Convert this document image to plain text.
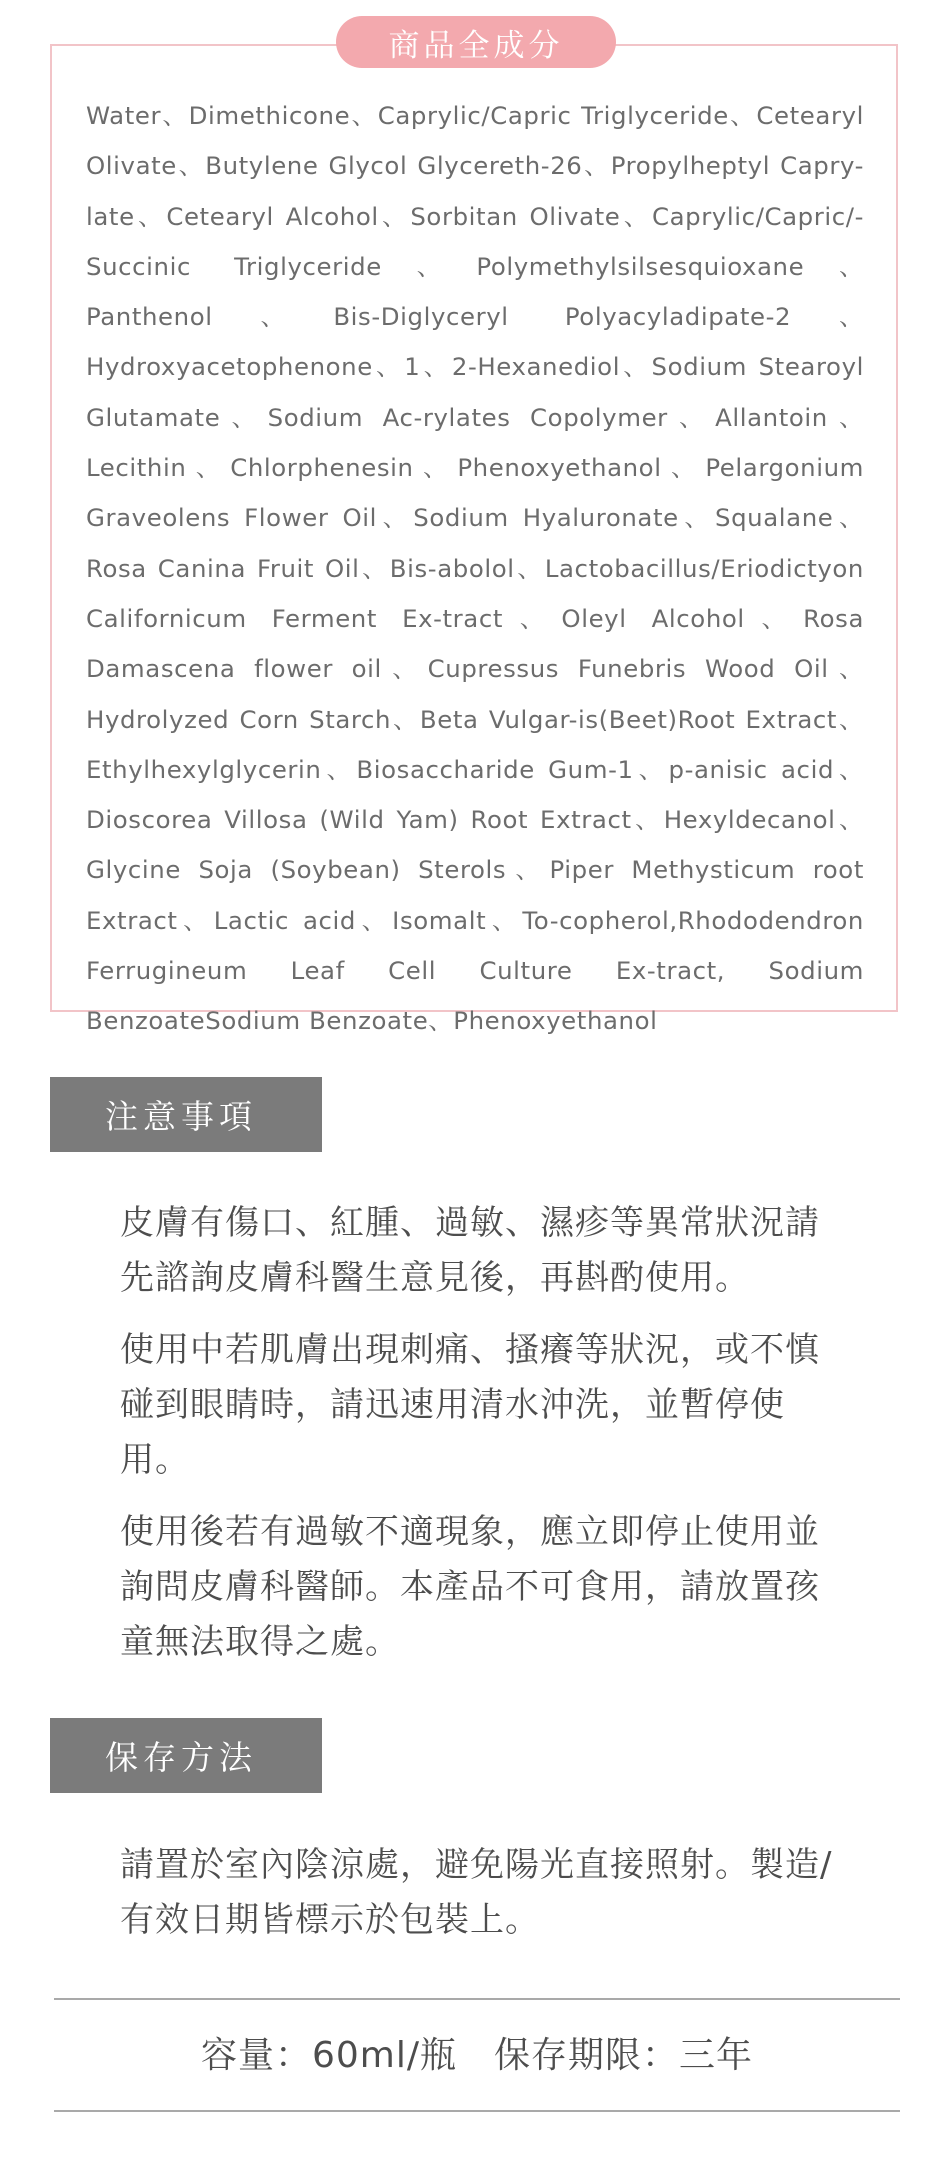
商品全成分
Water、Dimethicone、Caprylic/Capric Triglyceride、Cetearyl Olivate、Butylene Glycol Glycereth-26、Propylheptyl Capry-late、Cetearyl Alcohol、Sorbitan Olivate、Caprylic/Capric/-Succinic Triglyceride、Polymethylsilsesquioxane、Panthenol、Bis-Diglyceryl Polyacyladipate-2、Hydroxyacetophenone、1、2-Hexanediol、Sodium Stearoyl Glutamate、Sodium Ac-rylates Copolymer、Allantoin、Lecithin、Chlorphenesin、Phenoxyethanol、Pelargonium Graveolens Flower Oil、Sodium Hyaluronate、Squalane、Rosa Canina Fruit Oil、Bis-abolol、Lactobacillus/Eriodictyon Californicum Ferment Ex-tract、Oleyl Alcohol、Rosa Damascena flower oil、Cupressus Funebris Wood Oil、Hydrolyzed Corn Starch、Beta Vulgar-is(Beet)Root Extract、Ethylhexylglycerin、Biosaccharide Gum-1、p-anisic acid、Dioscorea Villosa (Wild Yam) Root Extract、Hexyldecanol、Glycine Soja (Soybean) Sterols、Piper Methysticum root Extract、Lactic acid、Isomalt、To-copherol,Rhododendron Ferrugineum Leaf Cell Culture Ex-tract, Sodium BenzoateSodium Benzoate、Phenoxyethanol
注意事項

皮膚有傷口、紅腫、過敏、濕疹等異常狀況請先諮詢皮膚科醫生意見後，再斟酌使用。

使用中若肌膚出現刺痛、搔癢等狀況，或不慎碰到眼睛時，請迅速用清水沖洗，並暫停使用。

使用後若有過敏不適現象，應立即停止使用並詢問皮膚科醫師。本產品不可食用，請放置孩童無法取得之處。

保存方法

請置於室內陰涼處，避免陽光直接照射。製造/有效日期皆標示於包裝上。

容量：60ml/瓶　保存期限：三年
